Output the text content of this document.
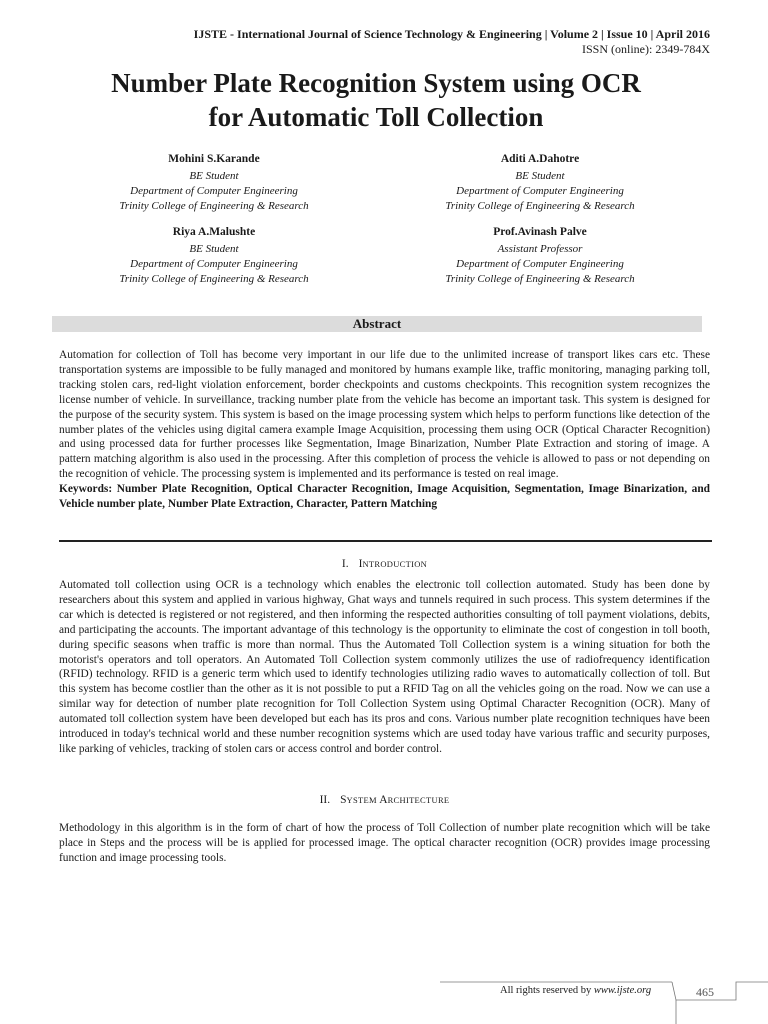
IJSTE - International Journal of Science Technology & Engineering | Volume 2 | Issue 10 | April 2016
ISSN (online): 2349-784X
Number Plate Recognition System using OCR
for Automatic Toll Collection
Mohini S.Karande
BE Student
Department of Computer Engineering
Trinity College of Engineering & Research
Aditi A.Dahotre
BE Student
Department of Computer Engineering
Trinity College of Engineering & Research
Riya A.Malushte
BE Student
Department of Computer Engineering
Trinity College of Engineering & Research
Prof.Avinash Palve
Assistant Professor
Department of Computer Engineering
Trinity College of Engineering & Research
Abstract
Automation for collection of Toll has become very important in our life due to the unlimited increase of transport likes cars etc. These transportation systems are impossible to be fully managed and monitored by humans example like, traffic monitoring, managing parking toll, tracking stolen cars, red-light violation enforcement, border checkpoints and customs checkpoints. This recognition system recognizes the license number of vehicle. In surveillance, tracking number plate from the vehicle has become an important task. This system is designed for the purpose of the security system. This system is based on the image processing system which helps to perform functions like detection of the number plates of the vehicles using digital camera example Image Acquisition, processing them using OCR (Optical Character Recognition) and using processed data for further processes like Segmentation, Image Binarization, Number Plate Extraction and storing of image. A pattern matching algorithm is also used in the processing. After this completion of process the vehicle is allowed to pass or not depending on the recognition of vehicle. The processing system is implemented and its performance is tested on real image.
Keywords: Number Plate Recognition, Optical Character Recognition, Image Acquisition, Segmentation, Image Binarization, and Vehicle number plate, Number Plate Extraction, Character, Pattern Matching
I. INTRODUCTION
Automated toll collection using OCR is a technology which enables the electronic toll collection automated. Study has been done by researchers about this system and applied in various highway, Ghat ways and tunnels required in such process. This system determines if the car which is detected is registered or not registered, and then informing the respected authorities consulting of toll payment violations, debits, and participating the accounts. The important advantage of this technology is the opportunity to eliminate the cost of congestion in toll booth, during specific seasons when traffic is more than normal. Thus the Automated Toll Collection system is a wining situation for both the motorist's operators and toll operators. An Automated Toll Collection system commonly utilizes the use of radiofrequency identification (RFID) technology. RFID is a generic term which used to identify technologies utilizing radio waves to automatically collection of toll. But this system has become costlier than the other as it is not possible to put a RFID Tag on all the vehicles going on the road. Now we can use a similar way for detection of number plate recognition for Toll Collection System using Optimal Character Recognition (OCR). Many of automated toll collection system have been developed but each has its pros and cons. Various number plate recognition techniques have been introduced in today's technical world and these number recognition systems which are used today have various traffic and security purposes, like parking of vehicles, tracking of stolen cars or access control and border control.
II. SYSTEM ARCHITECTURE
Methodology in this algorithm is in the form of chart of how the process of Toll Collection of number plate recognition which will be take place in Steps and the process will be is applied for processed image. The optical character recognition (OCR) provides image processing function and image processing tools.
All rights reserved by www.ijste.org	465
